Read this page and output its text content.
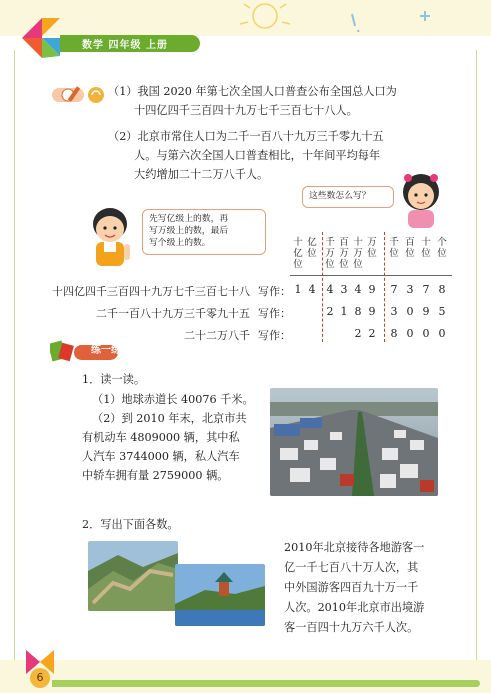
数学 四年级 上册
（1）我国 2020 年第七次全国人口普查公布全国总人口为
十四亿四千三百四十九万七千三百七十八人。
（2）北京市常住人口为二千一百八十九万三千零九十五
人。与第六次全国人口普查相比，十年间平均每年
大约增加二十二万八千人。
先写亿级上的数，再
写万级上的数，最后
写个级上的数。
这些数怎么写？
练一练
1．读一读。
（1）地球赤道长 40076 千米。
（2）到 2010 年末，北京市共
有机动车 4809000 辆，其中私
人汽车 3744000 辆，私人汽车
中轿车拥有量 2759000 辆。
2．写出下面各数。
2010年北京接待各地游客一
亿一千七百八十万人次，其
中外国游客四百九十万一千
人次。2010年北京市出境游
客一百四十九万六千人次。
6
十
亿
位
亿
位
千
万
位
百
万
位
十
万
位
万
位
千
位
百
位
十
位
个
位
十四亿四千三百四十九万七千三百七十八 写作： 1 4 4 3 4 9 7 3 7 8
二千一百八十九万三千零九十五 写作：	2 1 8 9 3 0 9 5
二十二万八千 写作：	2 2 8 0 0 0
